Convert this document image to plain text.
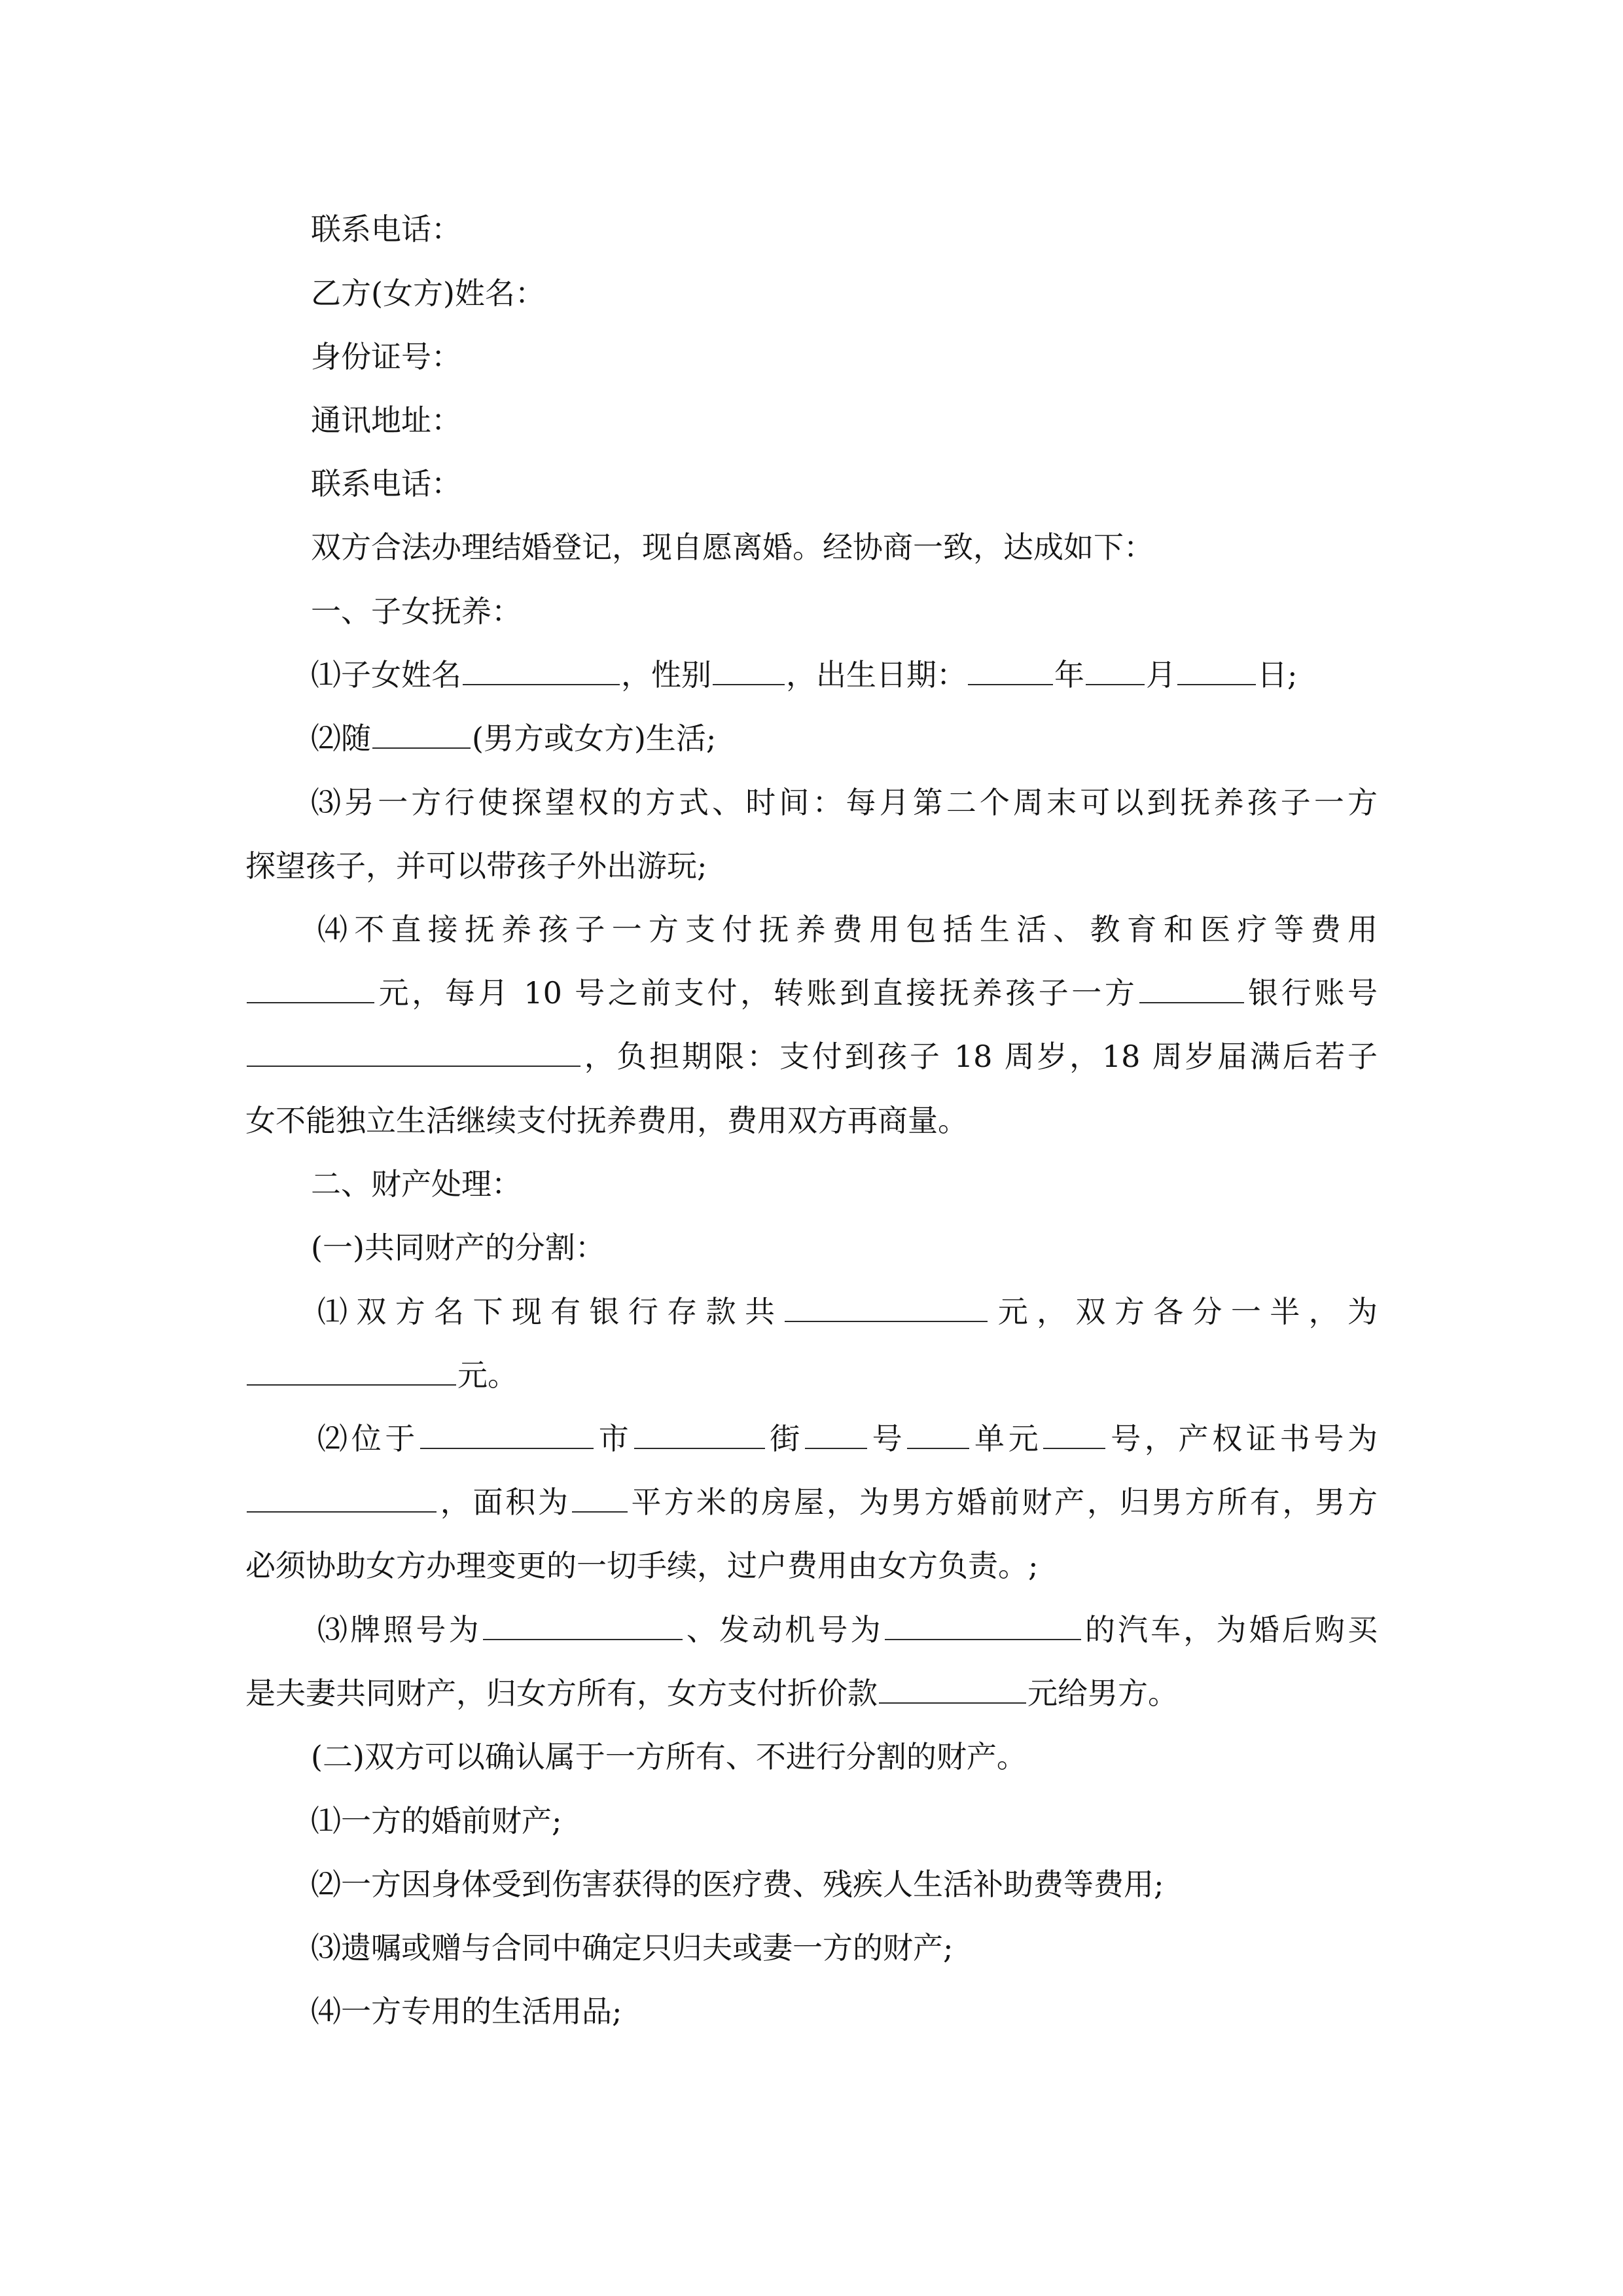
联系电话：

乙方(女方)姓名：

身份证号：

通讯地址：

联系电话：

双方合法办理结婚登记，现自愿离婚。经协商一致，达成如下：

一、子女抚养：

⑴子女姓名	，性别 ，出生日期：	年 月	日;

⑵随	(男方或女方)生活;

⑶另一方行使探望权的方式、时间：每月第二个周末可以到抚养孩子一方

探望孩子，并可以带孩子外出游玩;

⑷不直接抚养孩子一方支付抚养费用包括生活、教育和医疗等费用

元，每月 10 号之前支付，转账到直接抚养孩子一方	银行账号

，负担期限：支付到孩子 18 周岁，18 周岁届满后若子

女不能独立生活继续支付抚养费用，费用双方再商量。

二、财产处理：

(一)共同财产的分割：

⑴双方名下现有银行存款共	元，双方各分一半，为

元。

⑵位于	市	街 号 单元 号，产权证书号为

，面积为 平方米的房屋，为男方婚前财产，归男方所有，男方

必须协助女方办理变更的一切手续，过户费用由女方负责。;

⑶牌照号为	、发动机号为	的汽车，为婚后购买

是夫妻共同财产，归女方所有，女方支付折价款	元给男方。

(二)双方可以确认属于一方所有、不进行分割的财产。

⑴一方的婚前财产;

⑵一方因身体受到伤害获得的医疗费、残疾人生活补助费等费用;

⑶遗嘱或赠与合同中确定只归夫或妻一方的财产;

⑷一方专用的生活用品;
